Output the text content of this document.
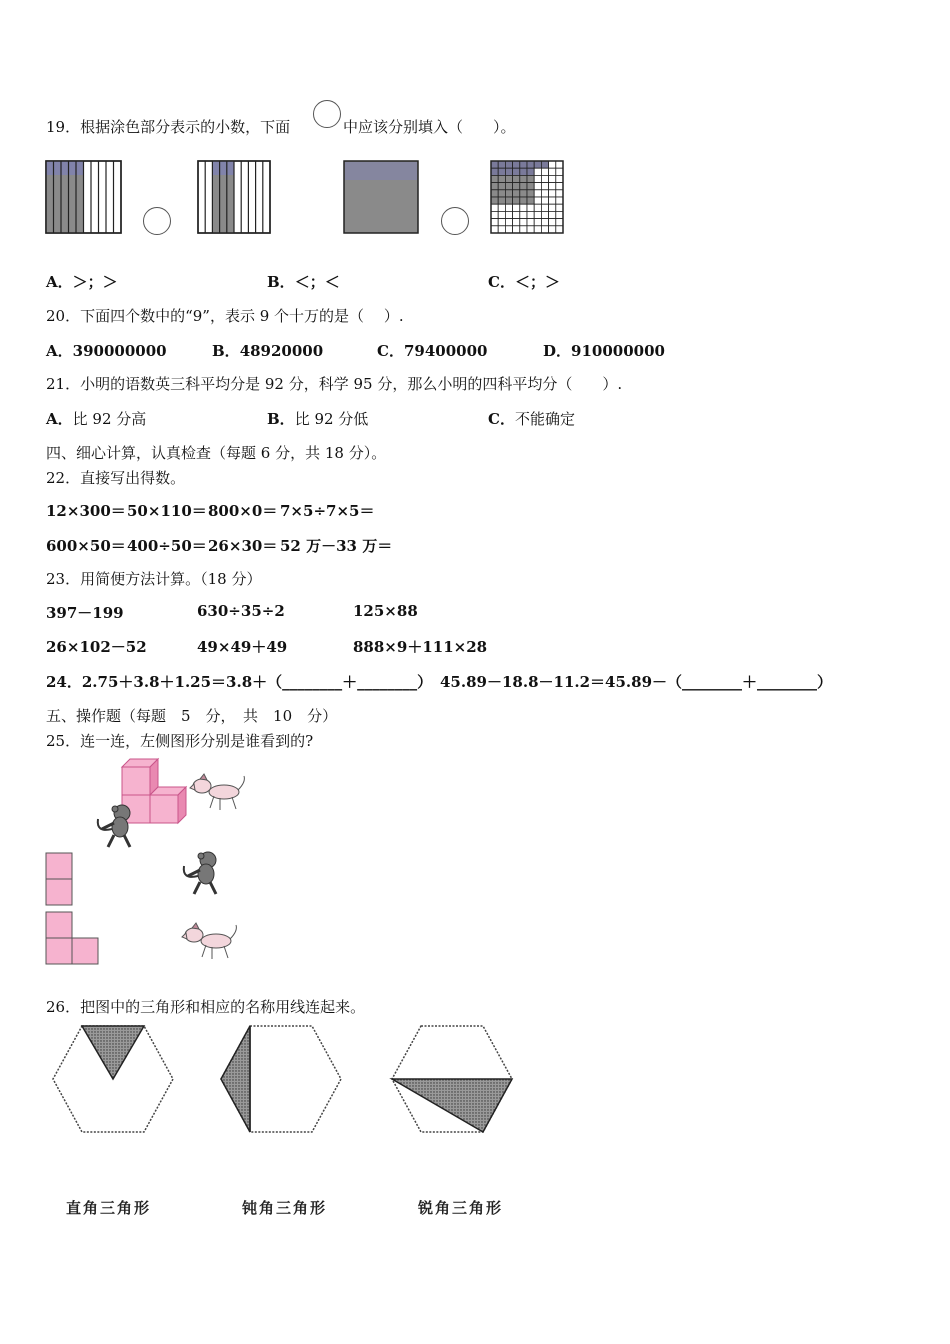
19．根据涂色部分表示的小数，下面	中应该分别填入（　　）。
A．＞；＞	B．＜；＜	C．＜；＞
20．下面四个数中的“9”，表示 9 个十万的是（　 ）.
A．390000000	B．48920000	C．79400000	D．910000000
21．小明的语数英三科平均分是 92 分，科学 95 分，那么小明的四科平均分（　　）.
A．比 92 分高	B．比 92 分低	C．不能确定
四、细心计算，认真检查（每题 6 分，共 18 分）。
22．直接写出得数。
12×300＝ 50×110＝ 800×0＝ 7×5÷7×5＝
600×50＝ 400÷50＝ 26×30＝ 52 万－33 万＝
23．用简便方法计算。（18 分）
397－199	630÷35÷2	125×88
26×102－52	49×49＋49	888×9＋111×28
24．2.75＋3.8＋1.25＝3.8＋（________＋________） 45.89－18.8－11.2＝45.89－（________＋________）
五、操作题（每题　5　分，　共　10　分）
25．连一连，左侧图形分别是谁看到的?
26．把图中的三角形和相应的名称用线连起来。
直角三角形	钝角三角形	锐角三角形
